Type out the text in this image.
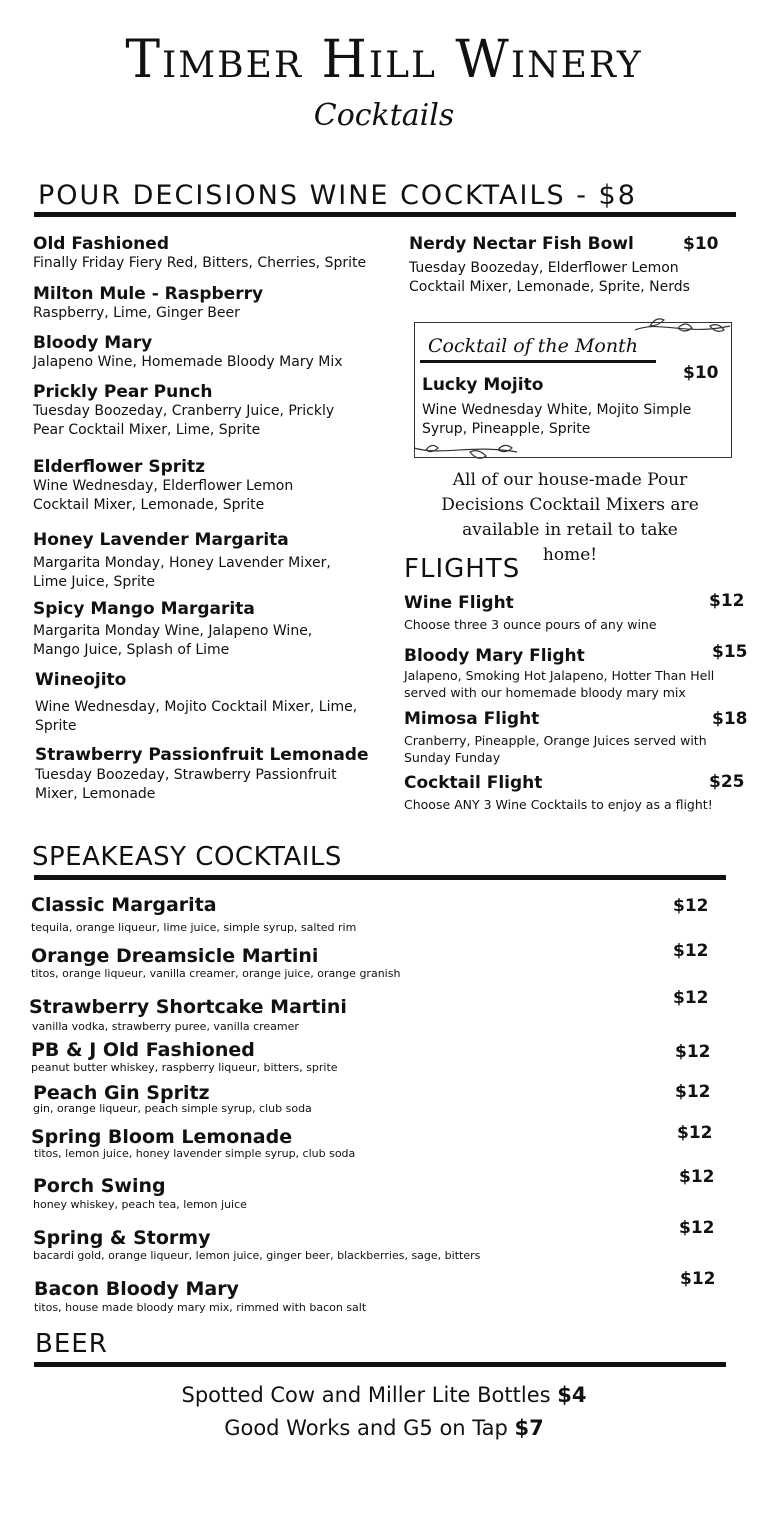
Timber Hill Winery
Cocktails
POUR DECISIONS WINE COCKTAILS - $8
Old Fashioned
Finally Friday Fiery Red, Bitters, Cherries, Sprite
Milton Mule - Raspberry
Raspberry, Lime, Ginger Beer
Bloody Mary
Jalapeno Wine, Homemade Bloody Mary Mix
Prickly Pear Punch
Tuesday Boozeday, Cranberry Juice, Prickly Pear Cocktail Mixer, Lime, Sprite
Elderflower Spritz
Wine Wednesday, Elderflower Lemon Cocktail Mixer, Lemonade, Sprite
Honey Lavender Margarita
Margarita Monday, Honey Lavender Mixer, Lime Juice, Sprite
Spicy Mango Margarita
Margarita Monday Wine, Jalapeno Wine, Mango Juice, Splash of Lime
Wineojito
Wine Wednesday, Mojito Cocktail Mixer, Lime, Sprite
Strawberry Passionfruit Lemonade
Tuesday Boozeday, Strawberry Passionfruit Mixer, Lemonade
Nerdy Nectar Fish Bowl	$10
Tuesday Boozeday, Elderflower Lemon Cocktail Mixer, Lemonade, Sprite, Nerds
Cocktail of the Month
Lucky Mojito
$10
Wine Wednesday White, Mojito Simple Syrup, Pineapple, Sprite
All of our house-made Pour Decisions Cocktail Mixers are available in retail to take home!
FLIGHTS
Wine Flight
Choose three 3 ounce pours of any wine
$12
Bloody Mary Flight
Jalapeno, Smoking Hot Jalapeno, Hotter Than Hell served with our homemade bloody mary mix
$15
Mimosa Flight
Cranberry, Pineapple, Orange Juices served with Sunday Funday
$18
Cocktail Flight
Choose ANY 3 Wine Cocktails to enjoy as a flight!
$25
SPEAKEASY COCKTAILS
Classic Margarita
tequila, orange liqueur, lime juice, simple syrup, salted rim
$12
Orange Dreamsicle Martini
titos, orange liqueur, vanilla creamer, orange juice, orange granish
$12
Strawberry Shortcake Martini
vanilla vodka, strawberry puree, vanilla creamer
$12
PB & J Old Fashioned
peanut butter whiskey, raspberry liqueur, bitters, sprite
$12
Peach Gin Spritz
gin, orange liqueur, peach simple syrup, club soda
$12
Spring Bloom Lemonade
titos, lemon juice, honey lavender simple syrup, club soda
$12
Porch Swing
honey whiskey, peach tea, lemon juice
$12
Spring & Stormy
bacardi gold, orange liqueur, lemon juice, ginger beer, blackberries, sage, bitters
$12
Bacon Bloody Mary
titos, house made bloody mary mix, rimmed with bacon salt
$12
BEER
Spotted Cow and Miller Lite Bottles $4
Good Works and G5 on Tap $7
